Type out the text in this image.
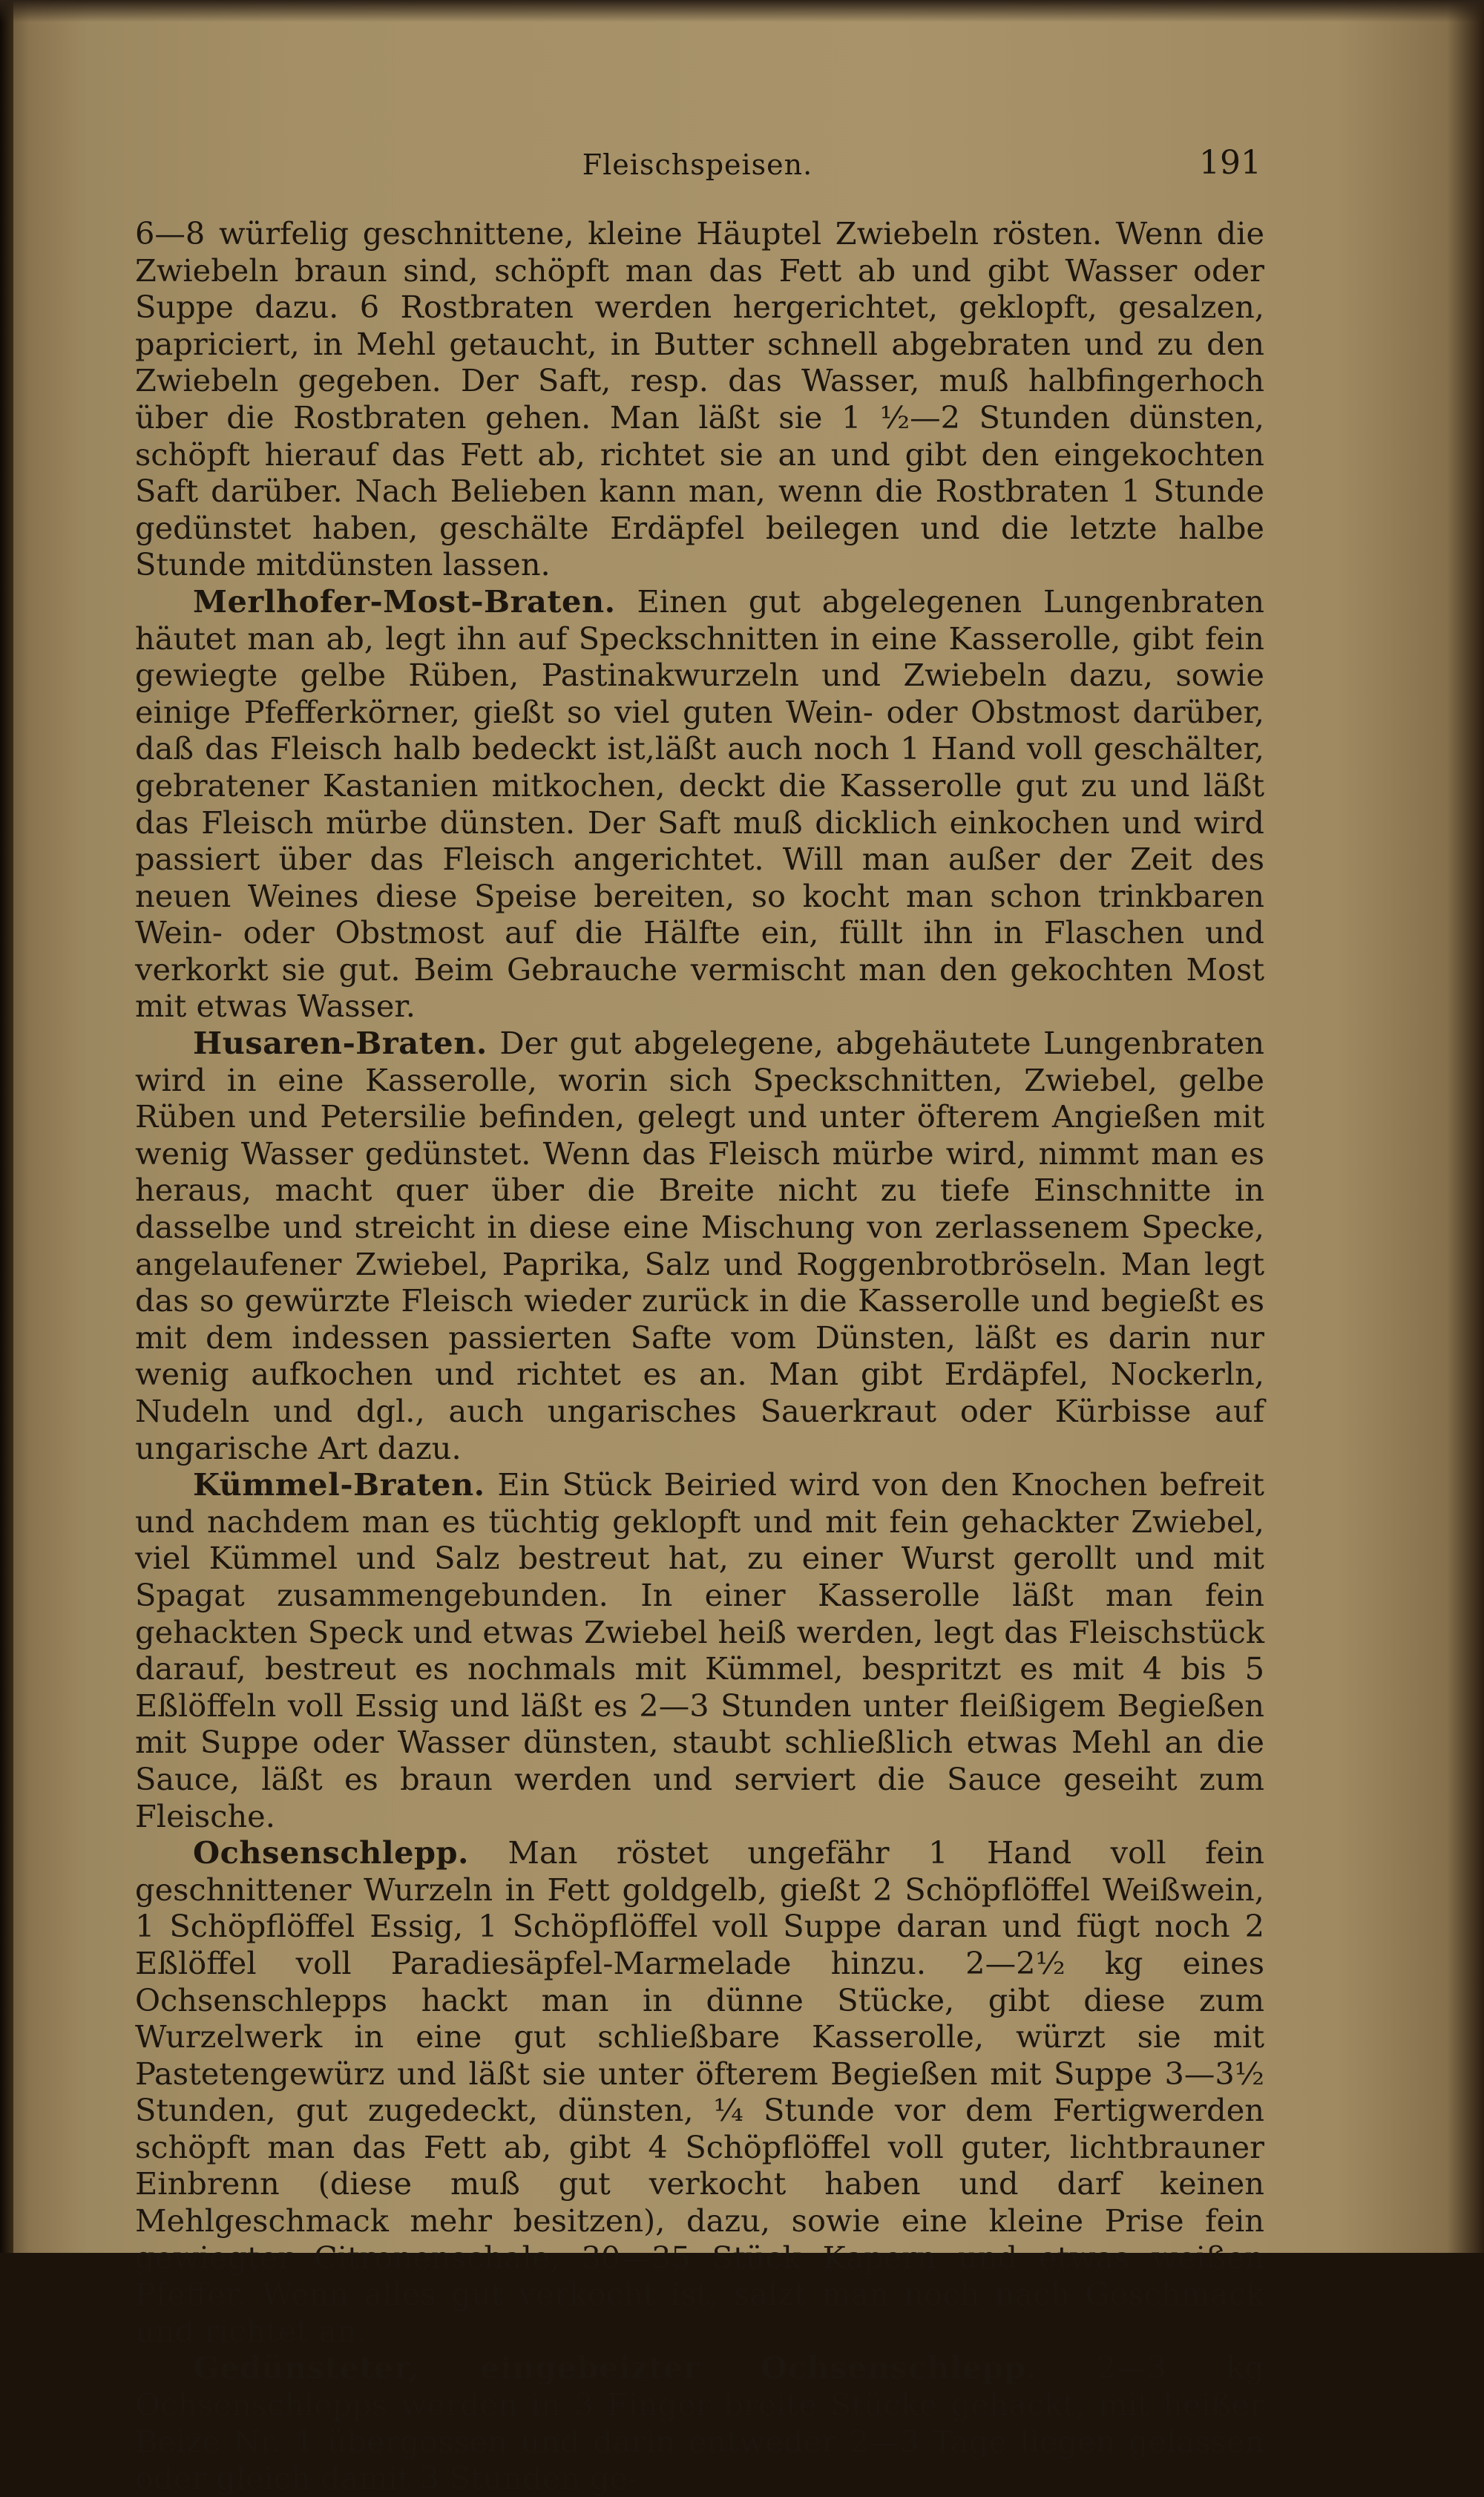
Fleischspeisen.	191

6—8 würfelig geschnittene, kleine Häuptel Zwiebeln rösten. Wenn die Zwiebeln braun sind, schöpft man das Fett ab und gibt Wasser oder Suppe dazu. 6 Rostbraten werden hergerichtet, geklopft, gesalzen, papriciert, in Mehl getaucht, in Butter schnell abgebraten und zu den Zwiebeln gegeben. Der Saft, resp. das Wasser, muß halbfingerhoch über die Rostbraten gehen. Man läßt sie 1 ½—2 Stunden dünsten, schöpft hierauf das Fett ab, richtet sie an und gibt den eingekochten Saft darüber. Nach Belieben kann man, wenn die Rostbraten 1 Stunde gedünstet haben, geschälte Erdäpfel beilegen und die letzte halbe Stunde mitdünsten lassen.

Merlhofer-Most-Braten. Einen gut abgelegenen Lungenbraten häutet man ab, legt ihn auf Speckschnitten in eine Kasserolle, gibt fein gewiegte gelbe Rüben, Pastinakwurzeln und Zwiebeln dazu, sowie einige Pfefferkörner, gießt so viel guten Wein- oder Obstmost darüber, daß das Fleisch halb bedeckt ist,läßt auch noch 1 Hand voll geschälter, gebratener Kastanien mitkochen, deckt die Kasserolle gut zu und läßt das Fleisch mürbe dünsten. Der Saft muß dicklich einkochen und wird passiert über das Fleisch angerichtet. Will man außer der Zeit des neuen Weines diese Speise bereiten, so kocht man schon trinkbaren Wein- oder Obstmost auf die Hälfte ein, füllt ihn in Flaschen und verkorkt sie gut. Beim Gebrauche vermischt man den gekochten Most mit etwas Wasser.

Husaren-Braten. Der gut abgelegene, abgehäutete Lungenbraten wird in eine Kasserolle, worin sich Speckschnitten, Zwiebel, gelbe Rüben und Petersilie befinden, gelegt und unter öfterem Angießen mit wenig Wasser gedünstet. Wenn das Fleisch mürbe wird, nimmt man es heraus, macht quer über die Breite nicht zu tiefe Einschnitte in dasselbe und streicht in diese eine Mischung von zerlassenem Specke, angelaufener Zwiebel, Paprika, Salz und Roggenbrotbröseln. Man legt das so gewürzte Fleisch wieder zurück in die Kasserolle und begießt es mit dem indessen passierten Safte vom Dünsten, läßt es darin nur wenig aufkochen und richtet es an. Man gibt Erdäpfel, Nockerln, Nudeln und dgl., auch ungarisches Sauerkraut oder Kürbisse auf ungarische Art dazu.

Kümmel-Braten. Ein Stück Beiried wird von den Knochen befreit und nachdem man es tüchtig geklopft und mit fein gehackter Zwiebel, viel Kümmel und Salz bestreut hat, zu einer Wurst gerollt und mit Spagat zusammengebunden. In einer Kasserolle läßt man fein gehackten Speck und etwas Zwiebel heiß werden, legt das Fleischstück darauf, bestreut es nochmals mit Kümmel, bespritzt es mit 4 bis 5 Eßlöffeln voll Essig und läßt es 2—3 Stunden unter fleißigem Begießen mit Suppe oder Wasser dünsten, staubt schließlich etwas Mehl an die Sauce, läßt es braun werden und serviert die Sauce geseiht zum Fleische.

Ochsenschlepp. Man röstet ungefähr 1 Hand voll fein geschnittener Wurzeln in Fett goldgelb, gießt 2 Schöpflöffel Weißwein, 1 Schöpflöffel Essig, 1 Schöpflöffel voll Suppe daran und fügt noch 2 Eßlöffel voll Paradiesäpfel-Marmelade hinzu. 2—2½ kg eines Ochsenschlepps hackt man in dünne Stücke, gibt diese zum Wurzelwerk in eine gut schließbare Kasserolle, würzt sie mit Pastetengewürz und läßt sie unter öfterem Begießen mit Suppe 3—3½ Stunden, gut zugedeckt, dünsten, ¼ Stunde vor dem Fertigwerden schöpft man das Fett ab, gibt 4 Schöpflöffel voll guter, lichtbrauner Einbrenn (diese muß gut verkocht haben und darf keinen Mehlgeschmack mehr besitzen), dazu, sowie eine kleine Prise fein gewiegter Citronenschale, 30—35 Stück Kapern und etwas weißen Pfeffer. Wenn alles gut verkocht ist, salzt man noch nach Geschmack und richtet an.

Gedünsteter, eingebeizter Ochsenschlepp. 2—3 kg Ochsenschlepps werden in 3 Finger breite Stücke gehackt, mit heißer Beize Nr. 1 übergossen und darin entweder 2—3 Tage liegen gelassen oder gleich damit 3 Stunden ge-
